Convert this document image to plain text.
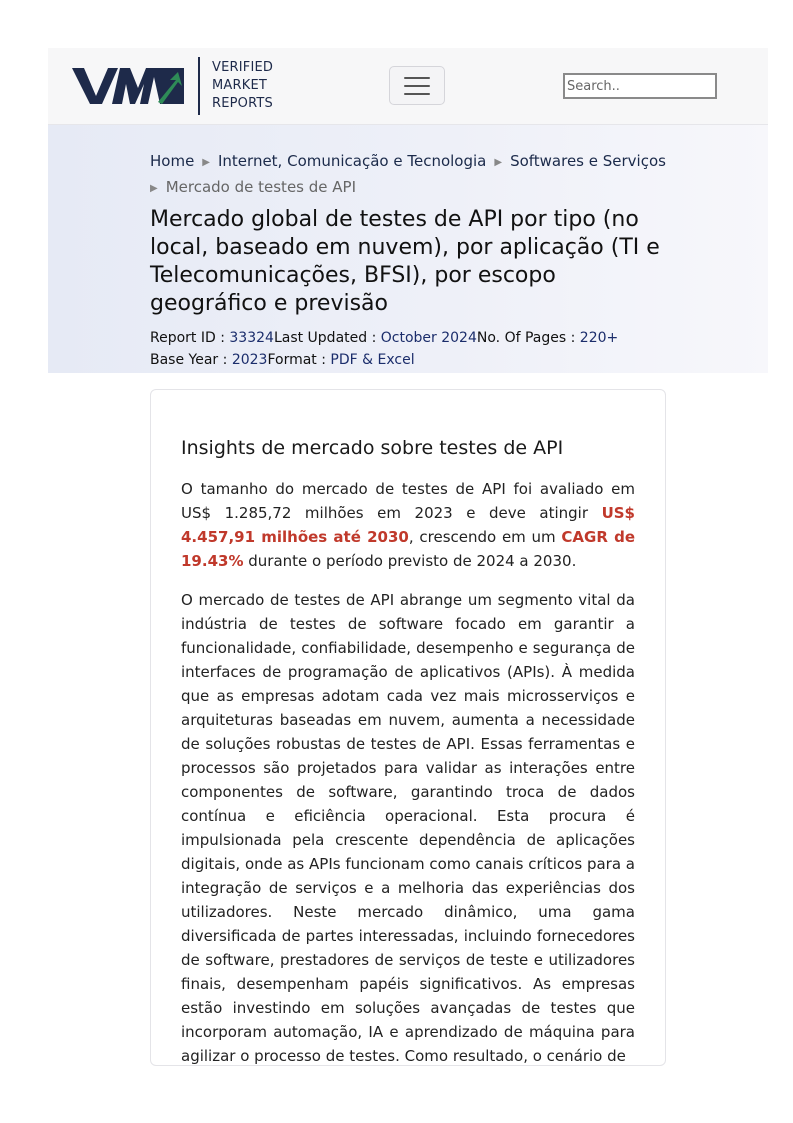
VERIFIED
MARKET
REPORTS
Search..
Home ▶ Internet, Comunicação e Tecnologia ▶ Softwares e Serviços
▶ Mercado de testes de API
Mercado global de testes de API por tipo (no local, baseado em nuvem), por aplicação (TI e Telecomunicações, BFSI), por escopo geográfico e previsão
Report ID : 33324Last Updated : October 2024No. Of Pages : 220+
Base Year : 2023Format : PDF & Excel
Insights de mercado sobre testes de API

O tamanho do mercado de testes de API foi avaliado em US$ 1.285,72 milhões em 2023 e deve atingir US$ 4.457,91 milhões até 2030, crescendo em um CAGR de 19.43% durante o período previsto de 2024 a 2030.

O mercado de testes de API abrange um segmento vital da indústria de testes de software focado em garantir a funcionalidade, confiabilidade, desempenho e segurança de interfaces de programação de aplicativos (APIs). À medida que as empresas adotam cada vez mais microsserviços e arquiteturas baseadas em nuvem, aumenta a necessidade de soluções robustas de testes de API. Essas ferramentas e processos são projetados para validar as interações entre componentes de software, garantindo troca de dados contínua e eficiência operacional. Esta procura é impulsionada pela crescente dependência de aplicações digitais, onde as APIs funcionam como canais críticos para a integração de serviços e a melhoria das experiências dos utilizadores. Neste mercado dinâmico, uma gama diversificada de partes interessadas, incluindo fornecedores de software, prestadores de serviços de teste e utilizadores finais, desempenham papéis significativos. As empresas estão investindo em soluções avançadas de testes que incorporam automação, IA e aprendizado de máquina para agilizar o processo de testes. Como resultado, o cenário de
